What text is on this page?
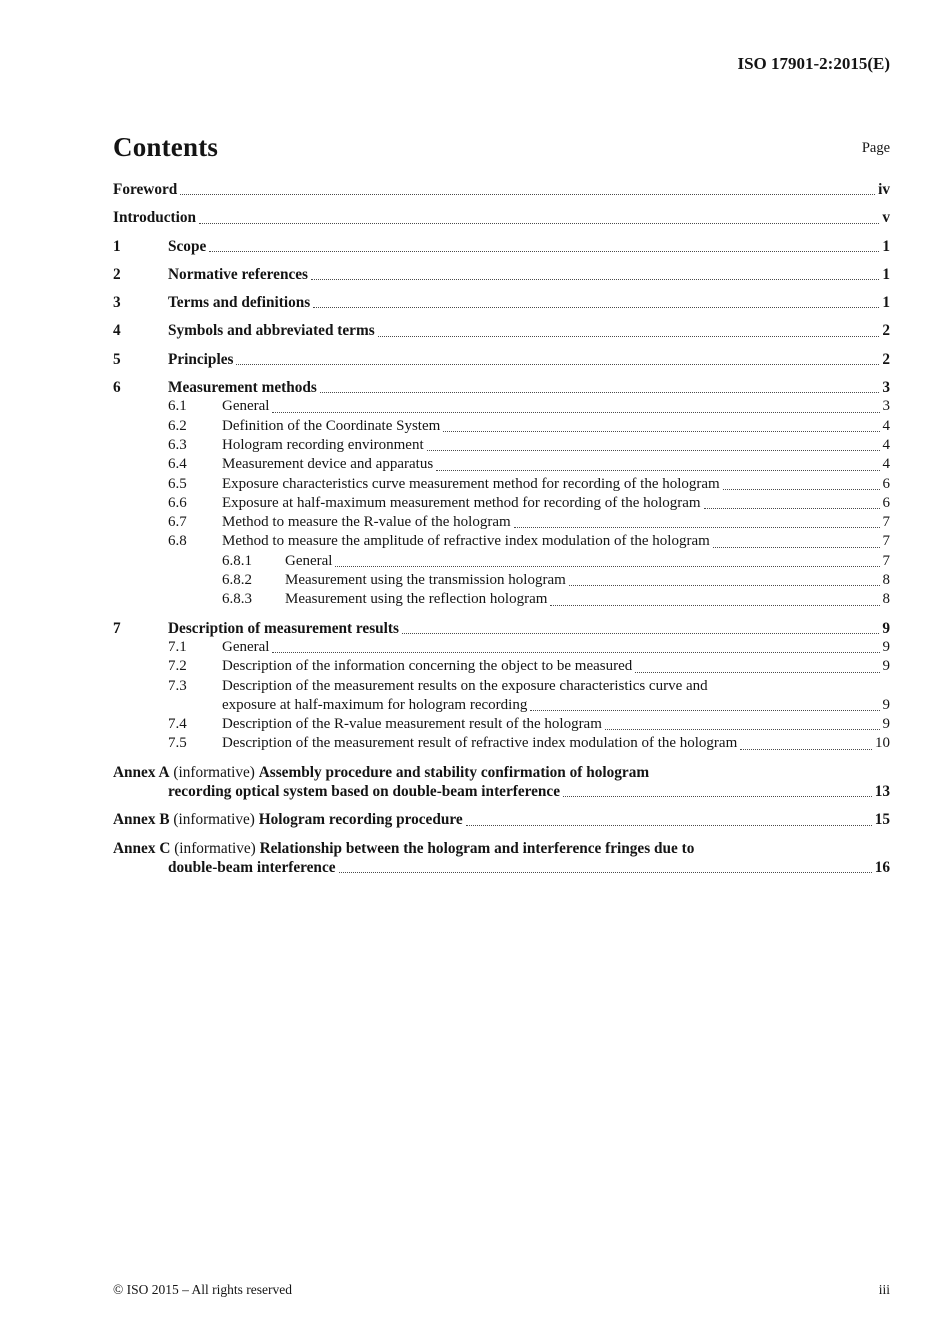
ISO 17901-2:2015(E)
Contents	Page
Foreword	iv
Introduction	v
1	Scope	1
2	Normative references	1
3	Terms and definitions	1
4	Symbols and abbreviated terms	2
5	Principles	2
6	Measurement methods	3
6.1	General	3
6.2	Definition of the Coordinate System	4
6.3	Hologram recording environment	4
6.4	Measurement device and apparatus	4
6.5	Exposure characteristics curve measurement method for recording of the hologram	6
6.6	Exposure at half-maximum measurement method for recording of the hologram	6
6.7	Method to measure the R-value of the hologram	7
6.8	Method to measure the amplitude of refractive index modulation of the hologram	7
6.8.1	General	7
6.8.2	Measurement using the transmission hologram	8
6.8.3	Measurement using the reflection hologram	8
7	Description of measurement results	9
7.1	General	9
7.2	Description of the information concerning the object to be measured	9
7.3	Description of the measurement results on the exposure characteristics curve and
exposure at half-maximum for hologram recording	9
7.4	Description of the R-value measurement result of the hologram	9
7.5	Description of the measurement result of refractive index modulation of the hologram	10
Annex A (informative) Assembly procedure and stability confirmation of hologram
recording optical system based on double-beam interference	13
Annex B (informative) Hologram recording procedure	15
Annex C (informative) Relationship between the hologram and interference fringes due to
double-beam interference	16
© ISO 2015 – All rights reserved	iii
